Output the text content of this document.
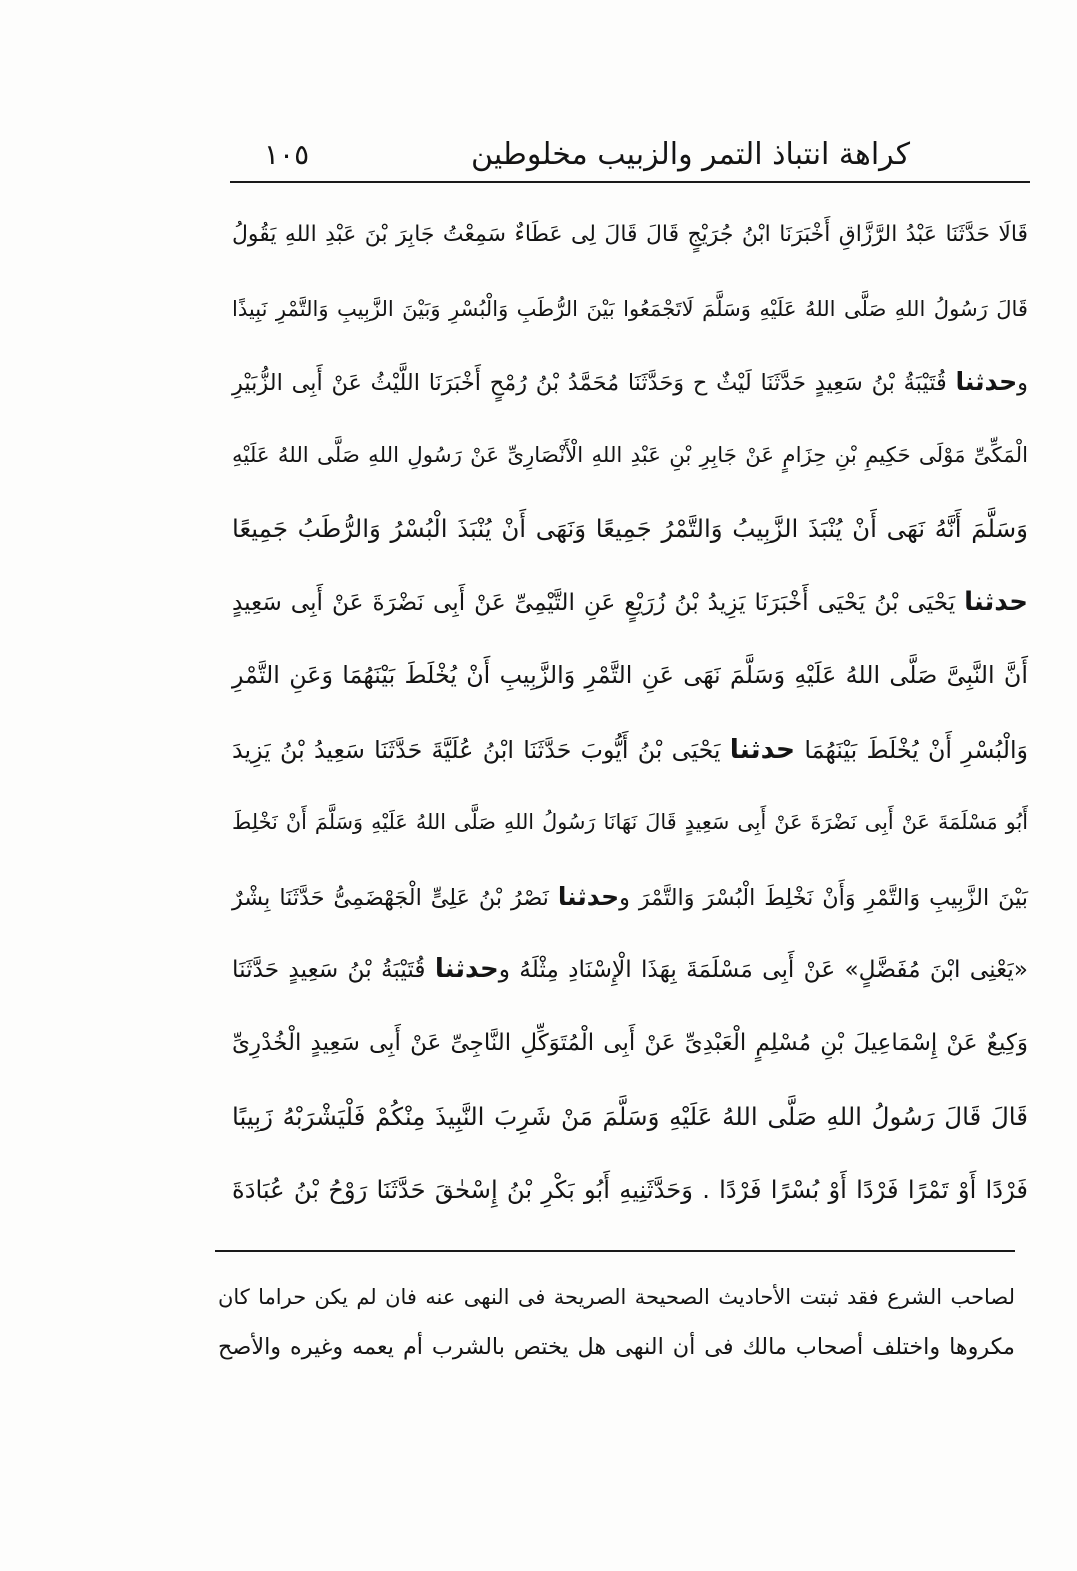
كراهة انتباذ التمر والزبيب مخلوطين
١٠٥
قَالَا حَدَّثَنَا عَبْدُ الرَّزَّاقِ أَخْبَرَنَا ابْنُ جُرَيْجٍ قَالَ قَالَ لِى عَطَاءٌ سَمِعْتُ جَابِرَ بْنَ عَبْدِ اللهِ يَقُولُ
قَالَ رَسُولُ اللهِ صَلَّى اللهُ عَلَيْهِ وَسَلَّمَ لَاتَجْمَعُوا بَيْنَ الرُّطَبِ وَالْبُسْرِ وَبَيْنَ الزَّبِيبِ وَالتَّمْرِ نَبِيذًا
وحدثنا قُتَيْبَةُ بْنُ سَعِيدٍ حَدَّثَنَا لَيْثٌ ح وَحَدَّثَنَا مُحَمَّدُ بْنُ رُمْحٍ أَخْبَرَنَا اللَّيْثُ عَنْ أَبِى الزُّبَيْرِ
الْمَكِّىِّ مَوْلَى حَكِيمِ بْنِ حِزَامٍ عَنْ جَابِرِ بْنِ عَبْدِ اللهِ الْأَنْصَارِىِّ عَنْ رَسُولِ اللهِ صَلَّى اللهُ عَلَيْهِ
وَسَلَّمَ أَنَّهُ نَهَى أَنْ يُنْبَذَ الزَّبِيبُ وَالتَّمْرُ جَمِيعًا وَنَهَى أَنْ يُنْبَذَ الْبُسْرُ وَالرُّطَبُ جَمِيعًا
حدثنا يَحْيَى بْنُ يَحْيَى أَخْبَرَنَا يَزِيدُ بْنُ زُرَيْعٍ عَنِ التَّيْمِىِّ عَنْ أَبِى نَضْرَةَ عَنْ أَبِى سَعِيدٍ
أَنَّ النَّبِىَّ صَلَّى اللهُ عَلَيْهِ وَسَلَّمَ نَهَى عَنِ التَّمْرِ وَالزَّبِيبِ أَنْ يُخْلَطَ بَيْنَهُمَا وَعَنِ التَّمْرِ
وَالْبُسْرِ أَنْ يُخْلَطَ بَيْنَهُمَا حدثنا يَحْيَى بْنُ أَيُّوبَ حَدَّثَنَا ابْنُ عُلَيَّةَ حَدَّثَنَا سَعِيدُ بْنُ يَزِيدَ
أَبُو مَسْلَمَةَ عَنْ أَبِى نَضْرَةَ عَنْ أَبِى سَعِيدٍ قَالَ نَهَانَا رَسُولُ اللهِ صَلَّى اللهُ عَلَيْهِ وَسَلَّمَ أَنْ نَخْلِطَ
بَيْنَ الزَّبِيبِ وَالتَّمْرِ وَأَنْ نَخْلِطَ الْبُسْرَ وَالتَّمْرَ وحدثنا نَصْرُ بْنُ عَلِىٍّ الْجَهْضَمِىُّ حَدَّثَنَا بِشْرٌ
«يَعْنِى ابْنَ مُفَضَّلٍ» عَنْ أَبِى مَسْلَمَةَ بِهَذَا الْإِسْنَادِ مِثْلَهُ وحدثنا قُتَيْبَةُ بْنُ سَعِيدٍ حَدَّثَنَا
وَكِيعٌ عَنْ إِسْمَاعِيلَ بْنِ مُسْلِمٍ الْعَبْدِىِّ عَنْ أَبِى الْمُتَوَكِّلِ النَّاجِىِّ عَنْ أَبِى سَعِيدٍ الْخُدْرِىِّ
قَالَ قَالَ رَسُولُ اللهِ صَلَّى اللهُ عَلَيْهِ وَسَلَّمَ مَنْ شَرِبَ النَّبِيذَ مِنْكُمْ فَلْيَشْرَبْهُ زَبِيبًا
فَرْدًا أَوْ تَمْرًا فَرْدًا أَوْ بُسْرًا فَرْدًا . وَحَدَّثَنِيهِ أَبُو بَكْرِ بْنُ إِسْحٰقَ حَدَّثَنَا رَوْحُ بْنُ عُبَادَةَ
لصاحب الشرع فقد ثبتت الأحاديث الصحيحة الصريحة فى النهى عنه فان لم يكن حراما كان
مكروها واختلف أصحاب مالك فى أن النهى هل يختص بالشرب أم يعمه وغيره والأصح
